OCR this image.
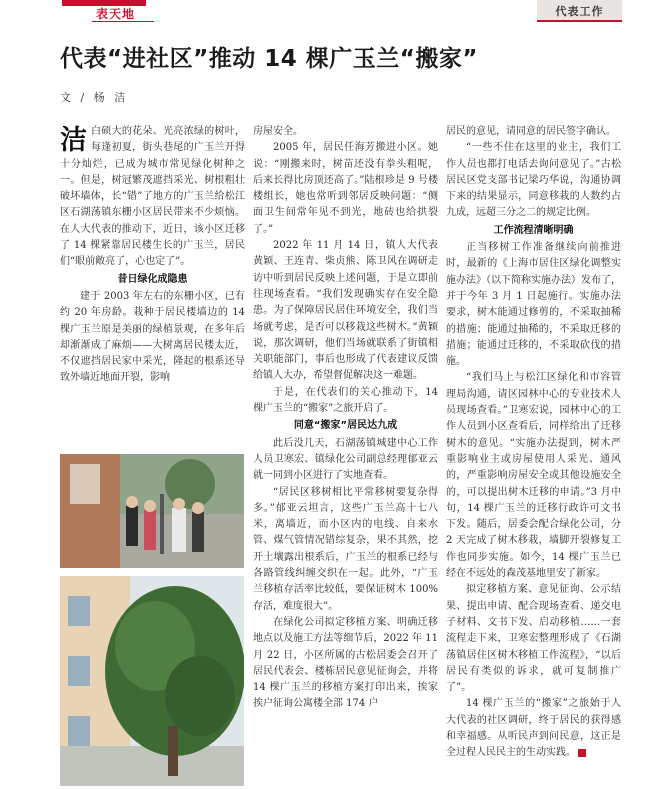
表天地	代表工作
代表“进社区”推动 14 棵广玉兰“搬家”
文 / 杨 洁

洁白硕大的花朵、光亮浓绿的树叶，每逢初夏，街头巷尾的广玉兰开得十分灿烂，已成为城市常见绿化树种之一。但是，树冠繁茂遮挡采光、树根粗壮破坏墙体，长“错”了地方的广玉兰给松江区石湖荡镇东栅小区居民带来不少烦恼。在人大代表的推动下，近日，该小区迁移了 14 棵紧靠居民楼生长的广玉兰，居民们“眼前敞亮了，心也定了”。

昔日绿化成隐患

建于 2003 年左右的东栅小区，已有约 20 年房龄。栽种于居民楼墙边的 14 棵广玉兰原是美丽的绿植景观，在多年后却渐渐成了麻烦——大树离居民楼太近，不仅遮挡居民家中采光，隆起的根系还导致外墙近地面开裂，影响

房屋安全。

2005 年，居民任海芳搬进小区。她说：“刚搬来时，树苗还没有拳头粗呢，后来长得比房顶还高了。”陆根珍是 9 号楼楼组长，她也常听到邻居反映问题：“侧面卫生间常年见不到光，地砖也给拱裂了。”

2022 年 11 月 14 日，镇人大代表黄颖、王连青、柴贞熊、陈卫风在调研走访中听到居民反映上述问题，于是立即前往现场查看。“我们发现确实存在安全隐患。为了保障居民居住环境安全，我们当场就考虑，是否可以移栽这些树木。”黄颖说，那次调研，他们当场就联系了街镇相关职能部门，事后也形成了代表建议反馈给镇人大办，希望督促解决这一难题。

于是，在代表们的关心推动下，14 棵广玉兰的“搬家”之旅开启了。

同意“搬家”居民达九成

此后没几天，石湖荡镇城建中心工作人员卫寒宏、镇绿化公司副总经理郁亚云就一同到小区进行了实地查看。

“居民区移树相比平常移树要复杂得多。”郁亚云坦言，这些广玉兰高十七八米，离墙近，而小区内的电线、自来水管、煤气管情况错综复杂，果不其然，挖开土壤露出根系后，广玉兰的根系已经与各路管线纠缠交织在一起。此外，“广玉兰移植存活率比较低，要保证树木 100%存活，难度很大”。

在绿化公司拟定移植方案、明确迁移地点以及施工方法等细节后，2022 年 11 月 22 日，小区所属的古松居委会召开了居民代表会、楼栋居民意见征询会，并将 14 棵广玉兰的移植方案打印出来，挨家挨户征询公寓楼全部 174 户

居民的意见，请同意的居民签字确认。

“一些不住在这里的业主，我们工作人员也都打电话去询问意见了。”古松居民区党支部书记梁巧华说，沟通协调下来的结果显示，同意移栽的人数约占九成，远超三分之二的规定比例。

工作流程清晰明确

正当移树工作准备继续向前推进时，最新的《上海市居住区绿化调整实施办法》（以下简称实施办法）发布了，并于今年 3 月 1 日起施行。实施办法要求，树木能通过修剪的，不采取抽稀的措施；能通过抽稀的，不采取迁移的措施；能通过迁移的，不采取砍伐的措施。

“我们马上与松江区绿化和市容管理局沟通，请区园林中心的专业技术人员现场查看。”卫寒宏说，园林中心的工作人员到小区查看后，同样给出了迁移树木的意见。“实施办法提到，树木严重影响业主或房屋使用人采光、通风的，严重影响房屋安全或其他设施安全的，可以提出树木迁移的申请。”3 月中旬，14 棵广玉兰的迁移行政许可文书下发。随后，居委会配合绿化公司，分 2 天完成了树木移栽，墙脚开裂修复工作也同步实施。如今，14 棵广玉兰已经在不远处的森茂基地里安了新家。

拟定移植方案、意见征询、公示结果、提出申请、配合现场查看、递交电子材料、文书下发、启动移植……一套流程走下来，卫寒宏整理形成了《石湖荡镇居住区树木移植工作流程》，“以后居民有类似的诉求，就可复制推广了”。

14 棵广玉兰的“搬家”之旅始于人大代表的社区调研，终于居民的获得感和幸福感。从听民声到问民意，这正是全过程人民民主的生动实践。
